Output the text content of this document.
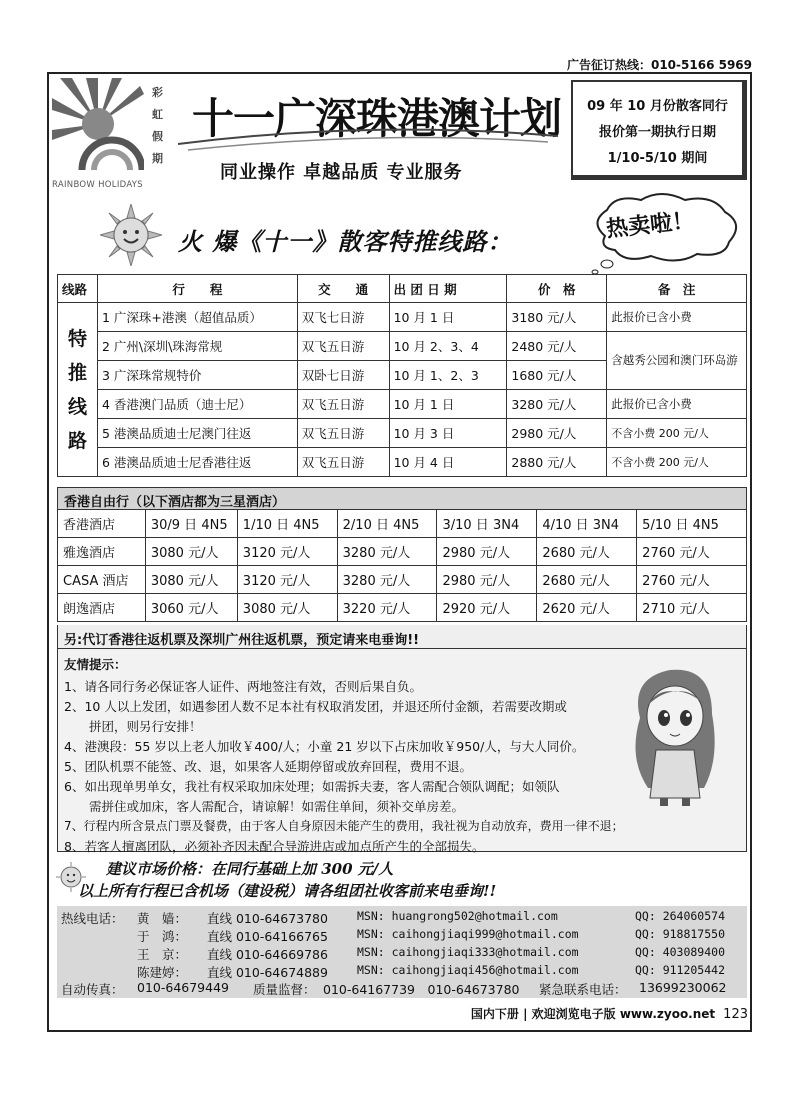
广告征订热线：010-5166 5969
彩
虹
假
期
RAINBOW HOLIDAYS
十一广深珠港澳计划
同业操作 卓越品质 专业服务
09 年 10 月份散客同行
报价第一期执行日期
1/10-5/10 期间
火 爆《十一》散客特推线路：	热卖啦！
线路	行　　程	交　　通	出 团 日 期	价　格	备　注
特推线路	1 广深珠+港澳（超值品质）	双飞七日游	10 月 1 日	3180 元/人	此报价已含小费
	2 广州\深圳\珠海常规	双飞五日游	10 月 2、3、4	2480 元/人	含越秀公园和澳门环岛游
	3 广深珠常规特价	双卧七日游	10 月 1、2、3	1680 元/人	
	4 香港澳门品质（迪士尼）	双飞五日游	10 月 1 日	3280 元/人	此报价已含小费
	5 港澳品质迪士尼澳门往返	双飞五日游	10 月 3 日	2980 元/人	不含小费 200 元/人
	6 港澳品质迪士尼香港往返	双飞五日游	10 月 4 日	2880 元/人	不含小费 200 元/人
香港自由行（以下酒店都为三星酒店）
香港酒店	30/9 日 4N5	1/10 日 4N5	2/10 日 4N5	3/10 日 3N4	4/10 日 3N4	5/10 日 4N5
雅逸酒店	3080 元/人	3120 元/人	3280 元/人	2980 元/人	2680 元/人	2760 元/人
CASA 酒店	3080 元/人	3120 元/人	3280 元/人	2980 元/人	2680 元/人	2760 元/人
朗逸酒店	3060 元/人	3080 元/人	3220 元/人	2920 元/人	2620 元/人	2710 元/人
另:代订香港往返机票及深圳广州往返机票，预定请来电垂询!!
友情提示：
1、请各同行务必保证客人证件、两地签注有效，否则后果自负。
2、10 人以上发团，如遇参团人数不足本社有权取消发团，并退还所付金额，若需要改期或
　　拼团，则另行安排！
4、港澳段：55 岁以上老人加收￥400/人；小童 21 岁以下占床加收￥950/人，与大人同价。
5、团队机票不能签、改、退，如果客人延期停留或放弃回程，费用不退。
6、如出现单男单女，我社有权采取加床处理；如需拆夫妻，客人需配合领队调配；如领队
　　需拼住或加床，客人需配合，请谅解！如需住单间，须补交单房差。
7、行程内所含景点门票及餐费，由于客人自身原因未能产生的费用，我社视为自动放弃，费用一律不退；
8、若客人擅离团队，必须补齐因未配合导游进店或加点所产生的全部损失。
建议市场价格：在同行基础上加 300 元/人
以上所有行程已含机场（建设税）请各组团社收客前来电垂询!!
热线电话： 黄　嫱： 直线 010-64673780	MSN: huangrong502@hotmail.com	QQ: 264060574
于　鸿： 直线 010-64166765	MSN: caihongjiaqi999@hotmail.com	QQ: 918817550
王　京： 直线 010-64669786	MSN: caihongjiaqi333@hotmail.com	QQ: 403089400
陈建婷： 直线 010-64674889	MSN: caihongjiaqi456@hotmail.com	QQ: 911205442
自动传真： 010-64679449 质量监督： 010-64167739　010-64673780 紧急联系电话： 13699230062
国内下册 | 欢迎浏览电子版 www.zyoo.net 123
